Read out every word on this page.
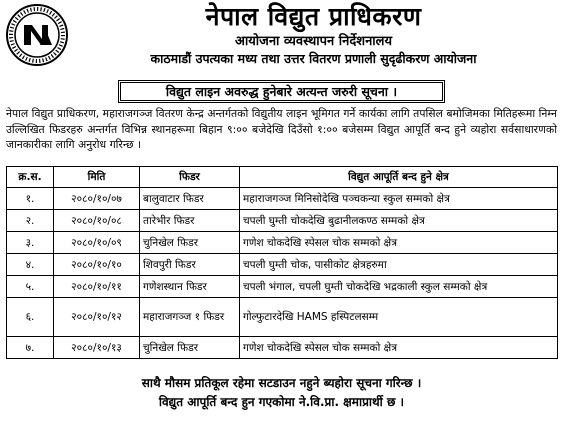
नेपाल विद्युत प्राधिकरण
आयोजना व्यवस्थापन निर्देशनालय
काठमाडौं उपत्यका मध्य तथा उत्तर वितरण प्रणाली सुदृढीकरण आयोजना
विद्युत लाइन अवरुद्ध हुनेबारे अत्यन्त जरुरी सूचना ।
नेपाल विद्युत प्राधिकरण, महाराजगञ्ज वितरण केन्द्र अन्तर्गतको विद्युतीय लाइन भूमिगत गर्ने कार्यका लागि तपसिल बमोजिमका मितिहरूमा निम्न उल्लिखित फिडरहरु अन्तर्गत विभिन्न स्थानहरूमा बिहान ९:०० बजेदेखि दिउँसो १:०० बजेसम्म विद्युत आपूर्ति बन्द हुने व्यहोरा सर्वसाधारणको जानकारीका लागि अनुरोध गरिन्छ ।
क्र.स.	मिति	फिडर	विद्युत आपूर्ति बन्द हुने क्षेत्र
१.	२०८०/१०/०७	बालुवाटार फिडर	महाराजगञ्ज मिनिसोदेखि पञ्चकन्या स्कुल सम्मको क्षेत्र
२.	२०८०/१०/०८	तारेभीर फिडर	चपली घुम्ती चोकदेखि बुढानीलकण्ठ सम्मको क्षेत्र
३.	२०८०/१०/०९	चुनिखेल फिडर	गणेश चोकदेखि स्पेसल चोक सम्मको क्षेत्र
४.	२०८०/१०/१०	शिवपुरी फिडर	चपली घुम्ती चोक, पासीकोट क्षेत्रहरुमा
५.	२०८०/१०/११	गणेशस्थान फिडर	चपली भंगाल, चपली घुम्ती चोकदेखि भद्रकाली स्कुल सम्मको क्षेत्र
६.	२०८०/१०/१२	महाराजगञ्ज १ फिडर	गोल्फुटारदेखि HAMS हस्पिटलसम्म
७.	२०८०/१०/१३	चुनिखेल फिडर	गणेश चोकदेखि स्पेसल चोक सम्मको क्षेत्र
साथै मौसम प्रतिकूल रहेमा सटडाउन नहुने ब्यहोरा सूचना गरिन्छ ।
विद्युत आपूर्ति बन्द हुन गएकोमा ने.वि.प्रा. क्षमाप्रार्थी छ ।
